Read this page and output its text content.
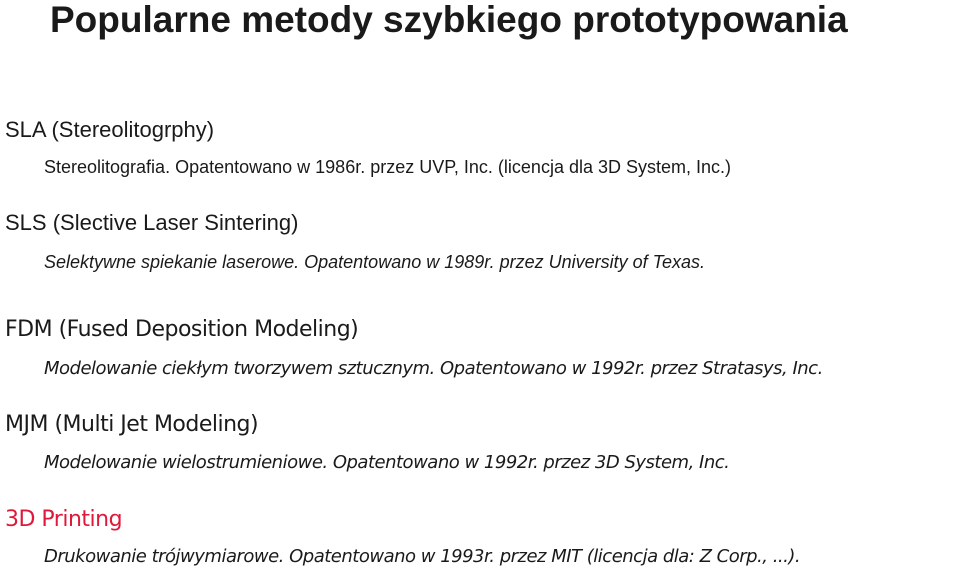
Popularne metody szybkiego prototypowania

SLA (Stereolitogrphy)

Stereolitografia. Opatentowano w 1986r. przez UVP, Inc. (licencja dla 3D System, Inc.)

SLS (Slective Laser Sintering)

Selektywne spiekanie laserowe. Opatentowano w 1989r. przez University of Texas.

FDM (Fused Deposition Modeling)

Modelowanie ciekłym tworzywem sztucznym. Opatentowano w 1992r. przez Stratasys, Inc.

MJM (Multi Jet Modeling)

Modelowanie wielostrumieniowe. Opatentowano w 1992r. przez 3D System, Inc.

3D Printing

Drukowanie trójwymiarowe. Opatentowano w 1993r. przez MIT (licencja dla: Z Corp., ...).
